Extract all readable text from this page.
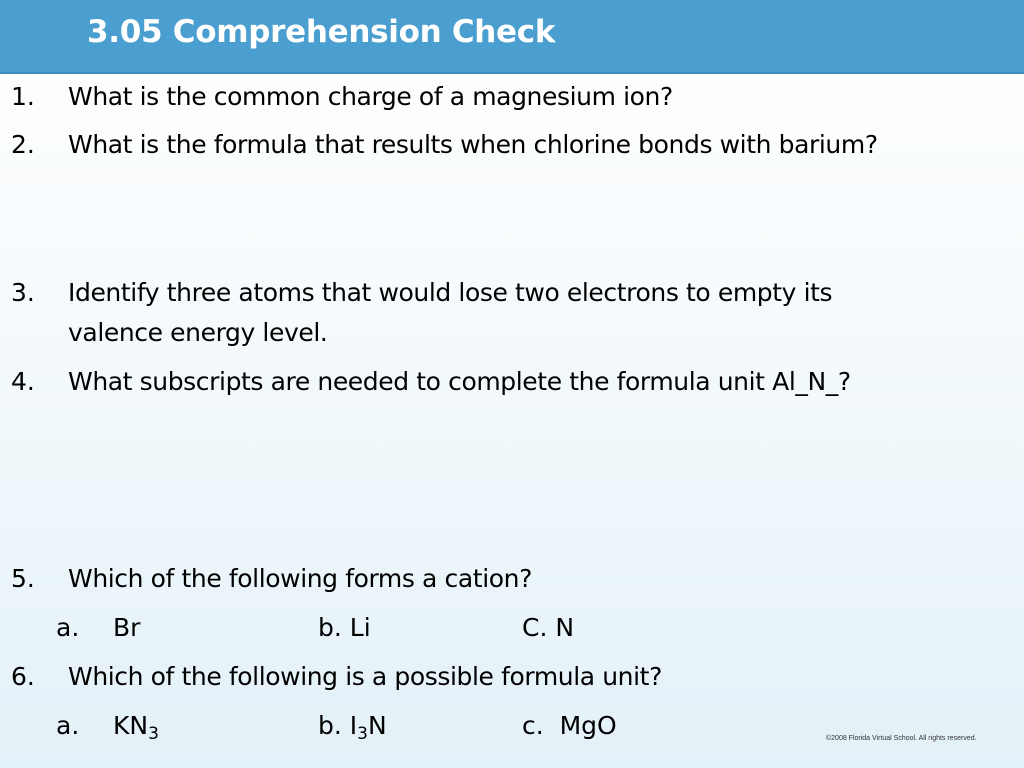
3.05 Comprehension Check
1. What is the common charge of a magnesium ion?
2. What is the formula that results when chlorine bonds with barium?
3. Identify three atoms that would lose two electrons to empty its
valence energy level.
4. What subscripts are needed to complete the formula unit Al_N_?
5. Which of the following forms a cation?
a. Br	b. Li	C. N
6. Which of the following is a possible formula unit?
a. $KN_3$	b. $I_3N$	c.  MgO	©2008 Florida Virtual School. All rights reserved.
